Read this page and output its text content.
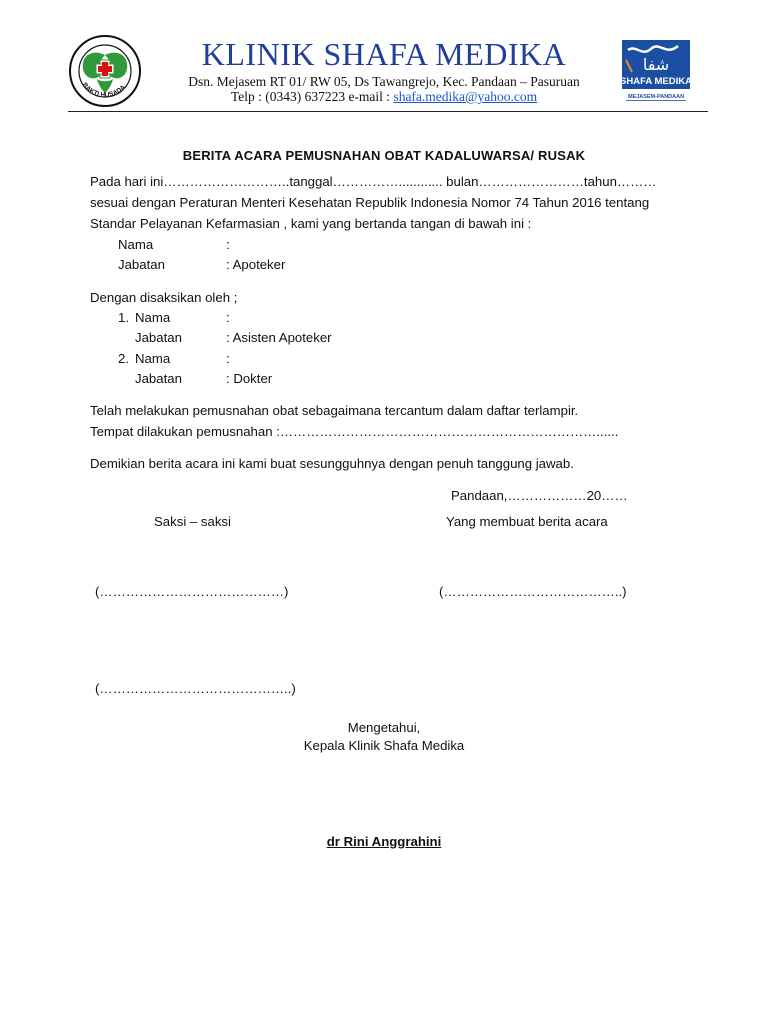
BAKTI HUSADA
KLINIK SHAFA MEDIKA
Dsn. Mejasem RT 01/ RW 05, Ds Tawangrejo, Kec. Pandaan – Pasuruan
Telp : (0343) 637223 e-mail : shafa.medika@yahoo.com
شفا
SHAFA MEDIKA
MEJASEM-PANDAAN
BERITA ACARA PEMUSNAHAN OBAT KADALUWARSA/ RUSAK
Pada hari ini………………………..tanggal……………............ bulan……………………tahun………
sesuai dengan Peraturan Menteri Kesehatan Republik Indonesia Nomor 74 Tahun 2016 tentang
Standar Pelayanan Kefarmasian , kami yang bertanda tangan di bawah ini :
Nama	:
Jabatan	: Apoteker
Dengan disaksikan oleh ;
1. Nama	:
Jabatan	: Asisten Apoteker
2. Nama	:
Jabatan	: Dokter
Telah melakukan pemusnahan obat sebagaimana tercantum dalam daftar terlampir.
Tempat dilakukan pemusnahan :………………………………………………………………......
Demikian berita acara ini kami buat sesungguhnya dengan penuh tanggung jawab.
Pandaan,………………20……
Saksi – saksi	Yang membuat berita acara
(……………………………………)	(…………………………………..)
(……………………………………..)
Mengetahui,
Kepala Klinik Shafa Medika
dr Rini Anggrahini
